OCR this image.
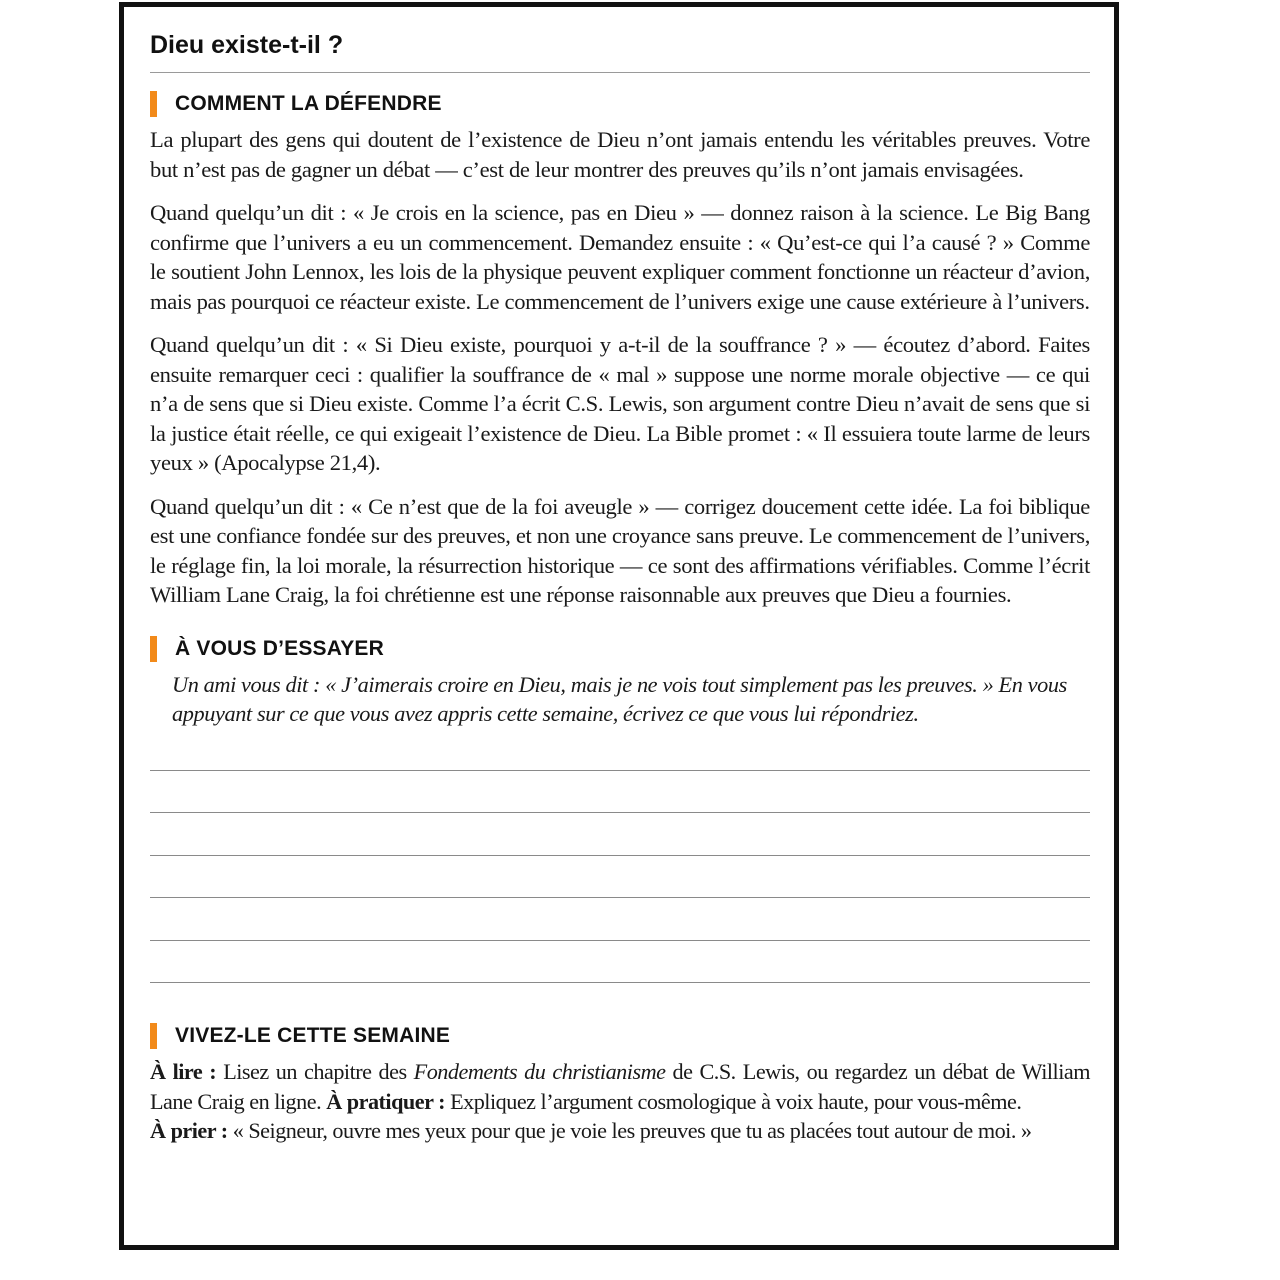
Dieu existe-t-il ?
COMMENT LA DÉFENDRE

La plupart des gens qui doutent de l’existence de Dieu n’ont jamais entendu les véritables preuves. Votre but n’est pas de gagner un débat — c’est de leur montrer des preuves qu’ils n’ont jamais envisagées.

Quand quelqu’un dit : « Je crois en la science, pas en Dieu » — donnez raison à la science. Le Big Bang confirme que l’univers a eu un commencement. Demandez ensuite : « Qu’est-ce qui l’a causé ? » Comme le soutient John Lennox, les lois de la physique peuvent expliquer comment fonctionne un réacteur d’avion, mais pas pourquoi ce réacteur existe. Le commencement de l’univers exige une cause extérieure à l’univers.

Quand quelqu’un dit : « Si Dieu existe, pourquoi y a-t-il de la souffrance ? » — écoutez d’abord. Faites ensuite remarquer ceci : qualifier la souffrance de « mal » suppose une norme morale objective — ce qui n’a de sens que si Dieu existe. Comme l’a écrit C.S. Lewis, son argument contre Dieu n’avait de sens que si la justice était réelle, ce qui exigeait l’existence de Dieu. La Bible promet : « Il essuiera toute larme de leurs yeux » (Apocalypse 21,4).

Quand quelqu’un dit : « Ce n’est que de la foi aveugle » — corrigez doucement cette idée. La foi biblique est une confiance fondée sur des preuves, et non une croyance sans preuve. Le commencement de l’univers, le réglage fin, la loi morale, la résurrection historique — ce sont des affirmations vérifiables. Comme l’écrit William Lane Craig, la foi chrétienne est une réponse raisonnable aux preuves que Dieu a fournies.

À VOUS D’ESSAYER

Un ami vous dit : « J’aimerais croire en Dieu, mais je ne vois tout simplement pas les preuves. » En vous appuyant sur ce que vous avez appris cette semaine, écrivez ce que vous lui répondriez.

VIVEZ-LE CETTE SEMAINE

À lire : Lisez un chapitre des Fondements du christianisme de C.S. Lewis, ou regardez un débat de William Lane Craig en ligne. À pratiquer : Expliquez l’argument cosmologique à voix haute, pour vous-même.
À prier : « Seigneur, ouvre mes yeux pour que je voie les preuves que tu as placées tout autour de moi. »
